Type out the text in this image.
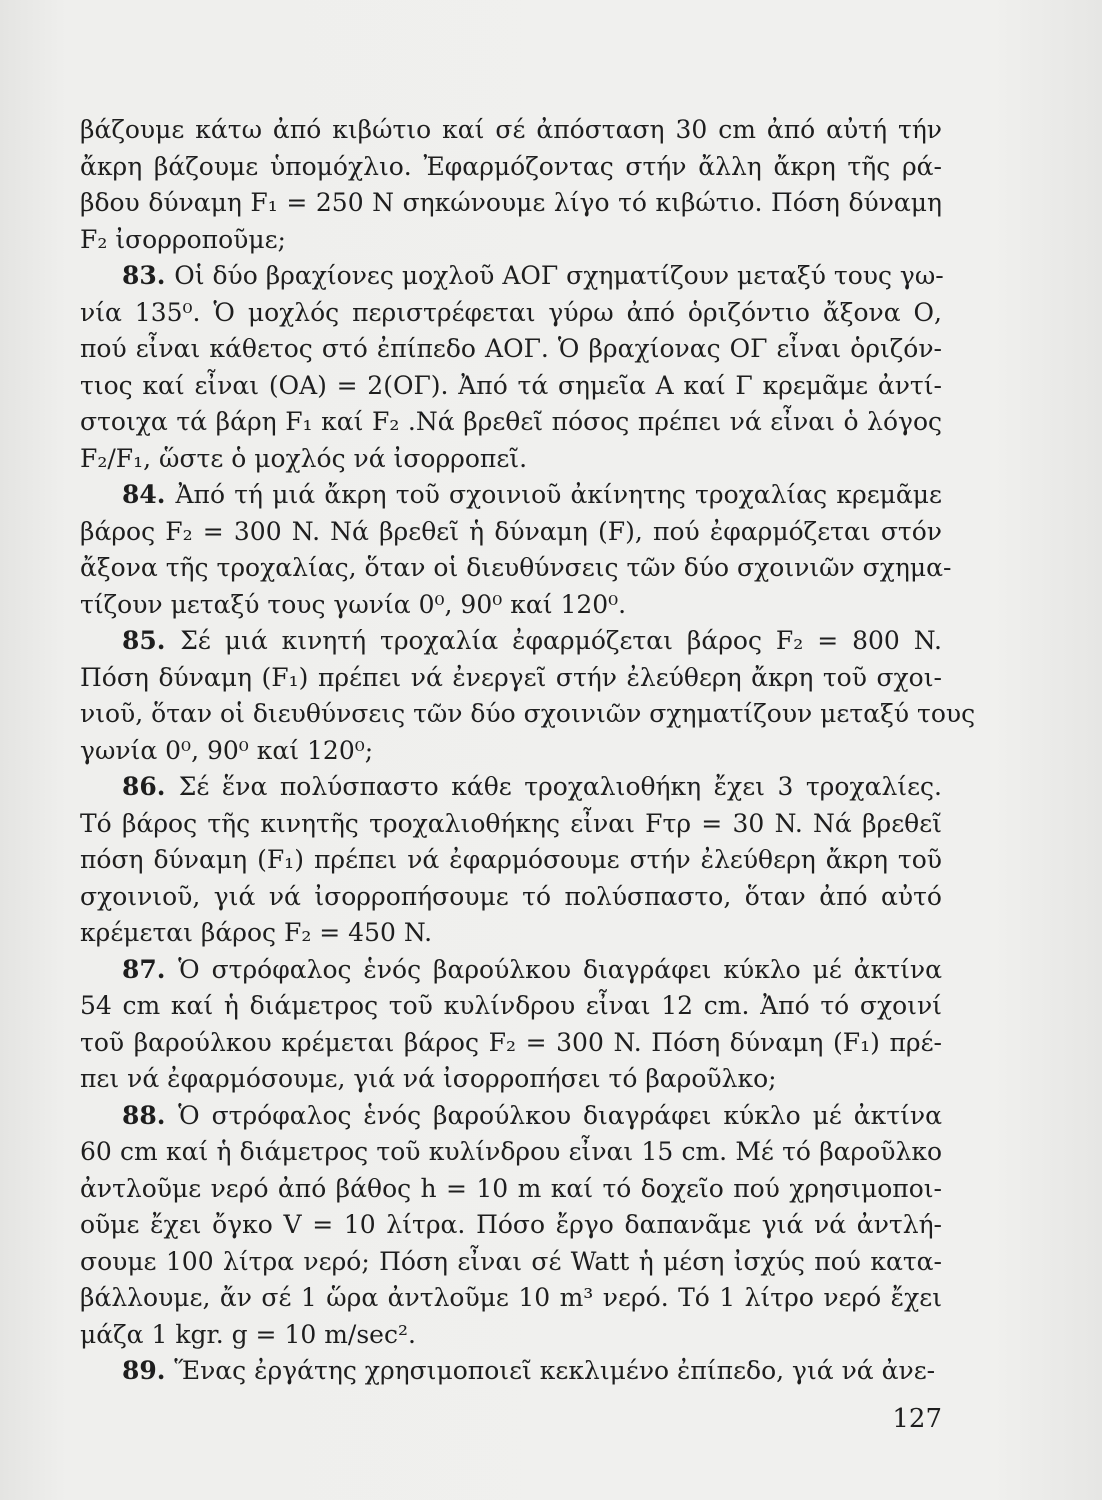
βάζουμε κάτω ἀπό κιβώτιο καί σέ ἀπόσταση 30 cm ἀπό αὐτή τήν
ἄκρη βάζουμε ὑπομόχλιο. Ἐφαρμόζοντας στήν ἄλλη ἄκρη τῆς ρά-
βδου δύναμη F₁ = 250 N σηκώνουμε λίγο τό κιβώτιο. Πόση δύναμη
F₂ ἰσορροποῦμε;
83. Οἱ δύο βραχίονες μοχλοῦ ΑΟΓ σχηματίζουν μεταξύ τους γω-
νία 135⁰. Ὁ μοχλός περιστρέφεται γύρω ἀπό ὁριζόντιο ἄξονα Ο,
πού εἶναι κάθετος στό ἐπίπεδο ΑΟΓ. Ὁ βραχίονας ΟΓ εἶναι ὁριζόν-
τιος καί εἶναι (ΟΑ) = 2(ΟΓ). Ἀπό τά σημεῖα Α καί Γ κρεμᾶμε ἀντί-
στοιχα τά βάρη F₁ καί F₂ .Νά βρεθεῖ πόσος πρέπει νά εἶναι ὁ λόγος
F₂/F₁, ὥστε ὁ μοχλός νά ἰσορροπεῖ.
84. Ἀπό τή μιά ἄκρη τοῦ σχοινιοῦ ἀκίνητης τροχαλίας κρεμᾶμε
βάρος F₂ = 300 N. Νά βρεθεῖ ἡ δύναμη (F), πού ἐφαρμόζεται στόν
ἄξονα τῆς τροχαλίας, ὅταν οἱ διευθύνσεις τῶν δύο σχοινιῶν σχημα-
τίζουν μεταξύ τους γωνία 0⁰, 90⁰ καί 120⁰.
85. Σέ μιά κινητή τροχαλία ἐφαρμόζεται βάρος F₂ = 800 N.
Πόση δύναμη (F₁) πρέπει νά ἐνεργεῖ στήν ἐλεύθερη ἄκρη τοῦ σχοι-
νιοῦ, ὅταν οἱ διευθύνσεις τῶν δύο σχοινιῶν σχηματίζουν μεταξύ τους
γωνία 0⁰, 90⁰ καί 120⁰;
86. Σέ ἕνα πολύσπαστο κάθε τροχαλιοθήκη ἔχει 3 τροχαλίες.
Τό βάρος τῆς κινητῆς τροχαλιοθήκης εἶναι Fτρ = 30 N. Νά βρεθεῖ
πόση δύναμη (F₁) πρέπει νά ἐφαρμόσουμε στήν ἐλεύθερη ἄκρη τοῦ
σχοινιοῦ, γιά νά ἰσορροπήσουμε τό πολύσπαστο, ὅταν ἀπό αὐτό
κρέμεται βάρος F₂ = 450 N.
87. Ὁ στρόφαλος ἑνός βαρούλκου διαγράφει κύκλο μέ ἀκτίνα
54 cm καί ἡ διάμετρος τοῦ κυλίνδρου εἶναι 12 cm. Ἀπό τό σχοινί
τοῦ βαρούλκου κρέμεται βάρος F₂ = 300 N. Πόση δύναμη (F₁) πρέ-
πει νά ἐφαρμόσουμε, γιά νά ἰσορροπήσει τό βαροῦλκο;
88. Ὁ στρόφαλος ἑνός βαρούλκου διαγράφει κύκλο μέ ἀκτίνα
60 cm καί ἡ διάμετρος τοῦ κυλίνδρου εἶναι 15 cm. Μέ τό βαροῦλκο
ἀντλοῦμε νερό ἀπό βάθος h = 10 m καί τό δοχεῖο πού χρησιμοποι-
οῦμε ἔχει ὄγκο V = 10 λίτρα. Πόσο ἔργο δαπανᾶμε γιά νά ἀντλή-
σουμε 100 λίτρα νερό; Πόση εἶναι σέ Watt ἡ μέση ἰσχύς πού κατα-
βάλλουμε, ἄν σέ 1 ὥρα ἀντλοῦμε 10 m³ νερό. Τό 1 λίτρο νερό ἔχει
μάζα 1 kgr. g = 10 m/sec².
89. Ἕνας ἐργάτης χρησιμοποιεῖ κεκλιμένο ἐπίπεδο, γιά νά ἀνε-
127
